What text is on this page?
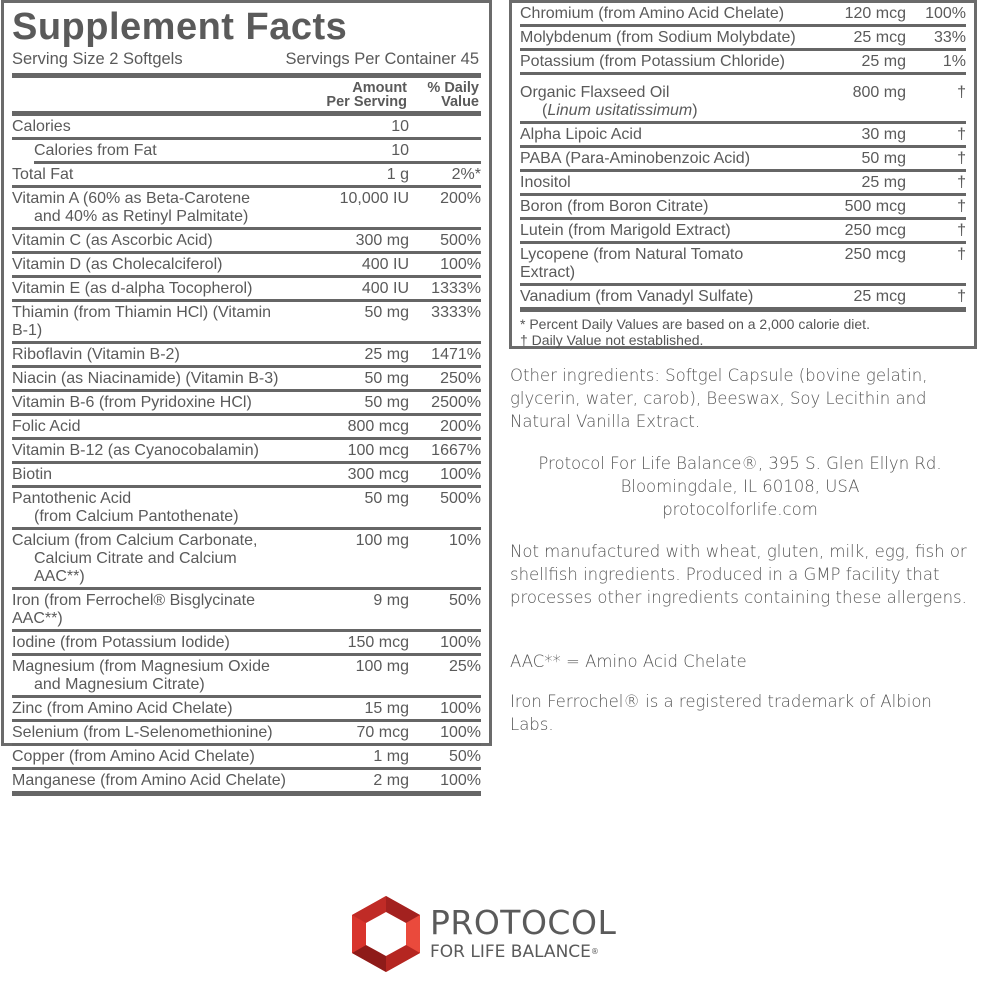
Supplement Facts
Serving Size 2 Softgels	Servings Per Container 45
Amount
Per Serving
% Daily
Value
Calories	10
Calories from Fat	10
Total Fat	1 g	2%*
Vitamin A (60% as Beta-Carotene
and 40% as Retinyl Palmitate)
10,000 IU	200%
Vitamin C (as Ascorbic Acid)	300 mg	500%
Vitamin D (as Cholecalciferol)	400 IU	100%
Vitamin E (as d-alpha Tocopherol)	400 IU	1333%
Thiamin (from Thiamin HCl) (Vitamin B-1)
50 mg	3333%
Riboflavin (Vitamin B-2)	25 mg	1471%
Niacin (as Niacinamide) (Vitamin B-3)	50 mg	250%
Vitamin B-6 (from Pyridoxine HCl)	50 mg	2500%
Folic Acid	800 mcg	200%
Vitamin B-12 (as Cyanocobalamin)	100 mcg	1667%
Biotin	300 mcg	100%
Pantothenic Acid
(from Calcium Pantothenate)
50 mg	500%
Calcium (from Calcium Carbonate,
Calcium Citrate and Calcium AAC**)
100 mg	10%
Iron (from Ferrochel® Bisglycinate AAC**)
9 mg	50%
Iodine (from Potassium Iodide)	150 mcg	100%
Magnesium (from Magnesium Oxide
and Magnesium Citrate)
100 mg	25%
Zinc (from Amino Acid Chelate)	15 mg	100%
Selenium (from L-Selenomethionine)	70 mcg	100%
Copper (from Amino Acid Chelate)	1 mg	50%
Manganese (from Amino Acid Chelate)	2 mg	100%
Chromium (from Amino Acid Chelate)	120 mcg	100%
Molybdenum (from Sodium Molybdate)	25 mcg	33%
Potassium (from Potassium Chloride)	25 mg	1%
Organic Flaxseed Oil
(Linum usitatissimum)
800 mg	†
Alpha Lipoic Acid	30 mg	†
PABA (Para-Aminobenzoic Acid)	50 mg	†
Inositol	25 mg	†
Boron (from Boron Citrate)	500 mcg	†
Lutein (from Marigold Extract)	250 mcg	†
Lycopene (from Natural Tomato Extract)
250 mcg	†
Vanadium (from Vanadyl Sulfate)	25 mcg	†
* Percent Daily Values are based on a 2,000 calorie diet.
† Daily Value not established.
Other ingredients: Softgel Capsule (bovine gelatin, glycerin, water, carob), Beeswax, Soy Lecithin and Natural Vanilla Extract.
Protocol For Life Balance®, 395 S. Glen Ellyn Rd.
Bloomingdale, IL 60108, USA
protocolforlife.com
Not manufactured with wheat, gluten, milk, egg, fish or shellfish ingredients. Produced in a GMP facility that processes other ingredients containing these allergens.
AAC** = Amino Acid Chelate
Iron Ferrochel® is a registered trademark of Albion Labs.
PROTOCOL
FOR LIFE BALANCE®
